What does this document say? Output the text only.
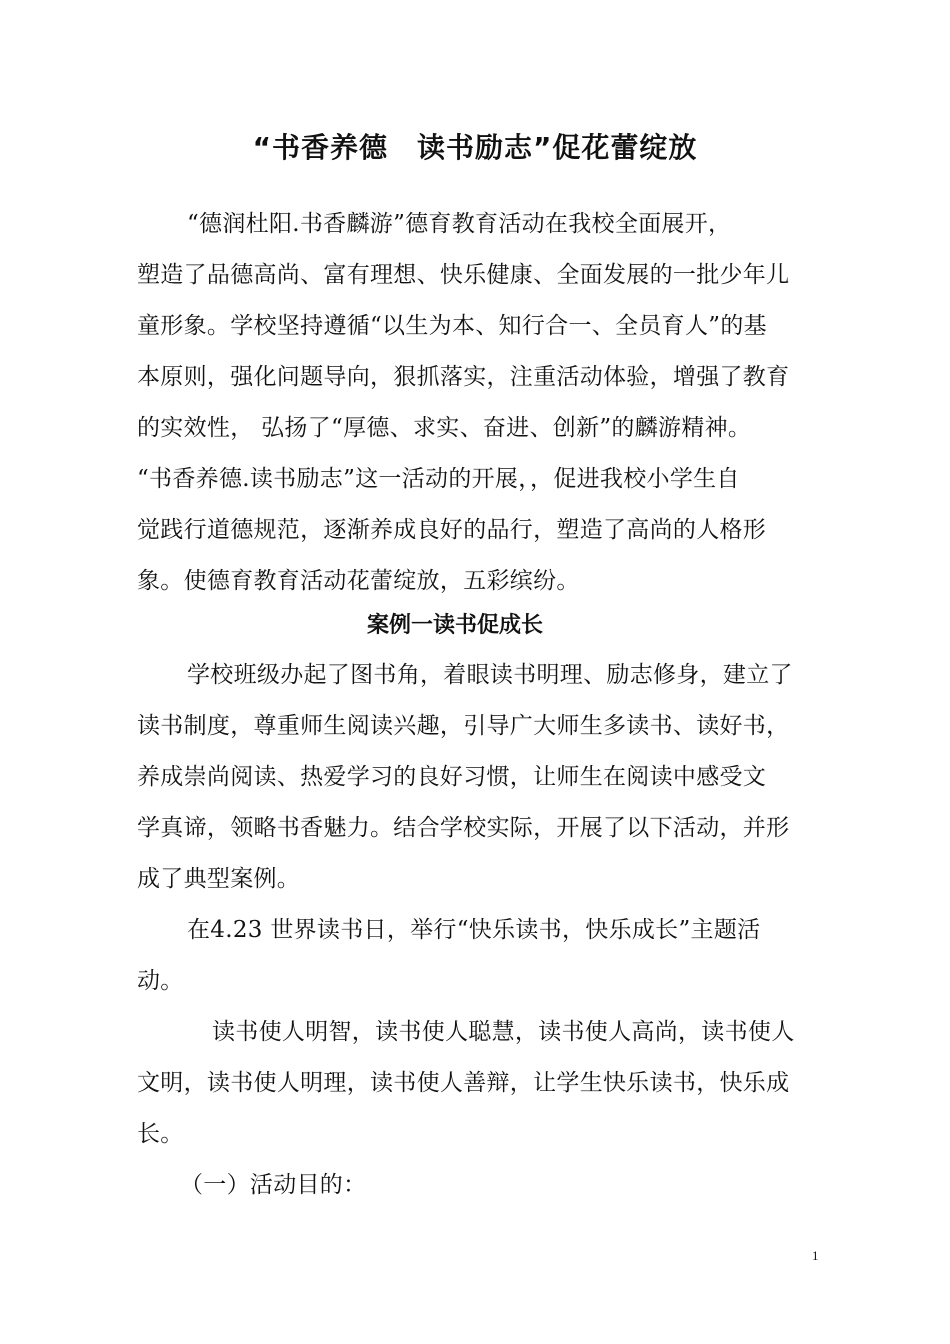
“书香养德　读书励志”促花蕾绽放
“德润杜阳.书香麟游”德育教育活动在我校全面展开，
塑造了品德高尚、富有理想、快乐健康、全面发展的一批少年儿
童形象。学校坚持遵循“以生为本、知行合一、全员育人”的基
本原则，强化问题导向，狠抓落实，注重活动体验，增强了教育
的实效性， 弘扬了“厚德、求实、奋进、创新”的麟游精神。
“书香养德.读书励志”这一活动的开展，，促进我校小学生自
觉践行道德规范，逐渐养成良好的品行，塑造了高尚的人格形
象。使德育教育活动花蕾绽放，五彩缤纷。
案例一读书促成长
学校班级办起了图书角，着眼读书明理、励志修身，建立了
读书制度，尊重师生阅读兴趣，引导广大师生多读书、读好书，
养成崇尚阅读、热爱学习的良好习惯，让师生在阅读中感受文
学真谛，领略书香魅力。结合学校实际，开展了以下活动，并形
成了典型案例。
在4.23 世界读书日，举行“快乐读书，快乐成长”主题活
动。
读书使人明智，读书使人聪慧，读书使人高尚，读书使人
文明，读书使人明理，读书使人善辩，让学生快乐读书，快乐成
长。
（一）活动目的：
1
